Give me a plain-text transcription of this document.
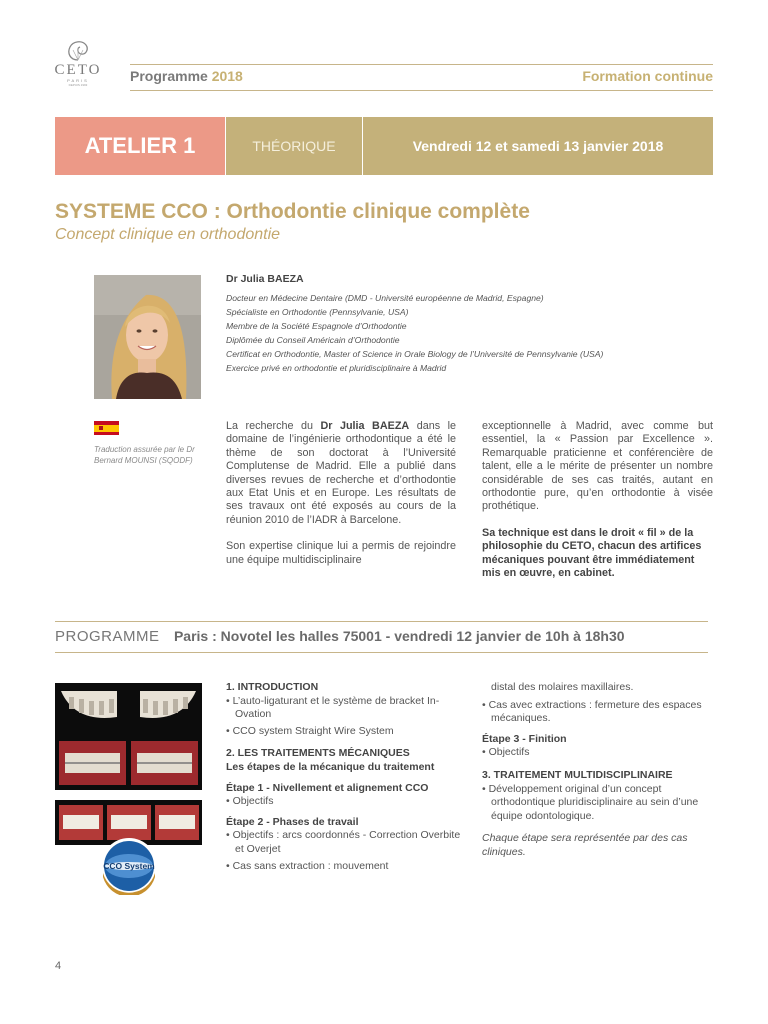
CETO
PARIS
DEPUIS 1993
Programme 2018	Formation continue
ATELIER 1	THÉORIQUE	Vendredi 12 et samedi 13 janvier 2018
SYSTEME CCO : Orthodontie clinique complète
Concept clinique en orthodontie
Dr Julia BAEZA
Docteur en Médecine Dentaire (DMD - Université européenne de Madrid, Espagne)
Spécialiste en Orthodontie (Pennsylvanie, USA)
Membre de la Société Espagnole d’Orthodontie
Diplômée du Conseil Américain d’Orthodontie
Certificat en Orthodontie, Master of Science in Orale Biology de l’Université de Pennsylvanie (USA)
Exercice privé en orthodontie et pluridisciplinaire à Madrid
Traduction assurée par le Dr Bernard MOUNSI (SQODF)

La recherche du Dr Julia BAEZA dans le domaine de l’ingénierie orthodontique a été le thème de son doctorat à l’Université Complutense de Madrid. Elle a publié dans diverses revues de recherche et d’orthodontie aux Etat Unis et en Europe. Les résultats de ses travaux ont été exposés au cours de la réunion 2010 de l’IADR à Barcelone.

Son expertise clinique lui a permis de rejoindre une équipe multidisciplinaire

exceptionnelle à Madrid, avec comme but essentiel, la « Passion par Excellence ». Remarquable praticienne et conférencière de talent, elle a le mérite de présenter un nombre considérable de ses cas traités, autant en orthodontie pure, qu’en orthodontie à visée prothétique.

Sa technique est dans le droit « fil » de la philosophie du CETO, chacun des artifices mécaniques pouvant être immédiatement mis en œuvre, en cabinet.

PROGRAMME Paris : Novotel les halles 75001 - vendredi 12 janvier de 10h à 18h30
CCO System
1. INTRODUCTION
• L’auto-ligaturant et le système de bracket In-Ovation
• CCO system Straight Wire System
2. LES TRAITEMENTS MÉCANIQUES
Les étapes de la mécanique du traitement
Étape 1 - Nivellement et alignement CCO
• Objectifs
Étape 2 - Phases de travail
• Objectifs : arcs coordonnés - Correction Overbite et Overjet
• Cas sans extraction : mouvement
distal des molaires maxillaires.
• Cas avec extractions : fermeture des espaces mécaniques.
Étape 3 - Finition
• Objectifs
3. TRAITEMENT MULTIDISCIPLINAIRE
• Développement original d’un concept orthodontique pluridisciplinaire au sein d’une équipe odontologique.
Chaque étape sera représentée par des cas cliniques.
4
